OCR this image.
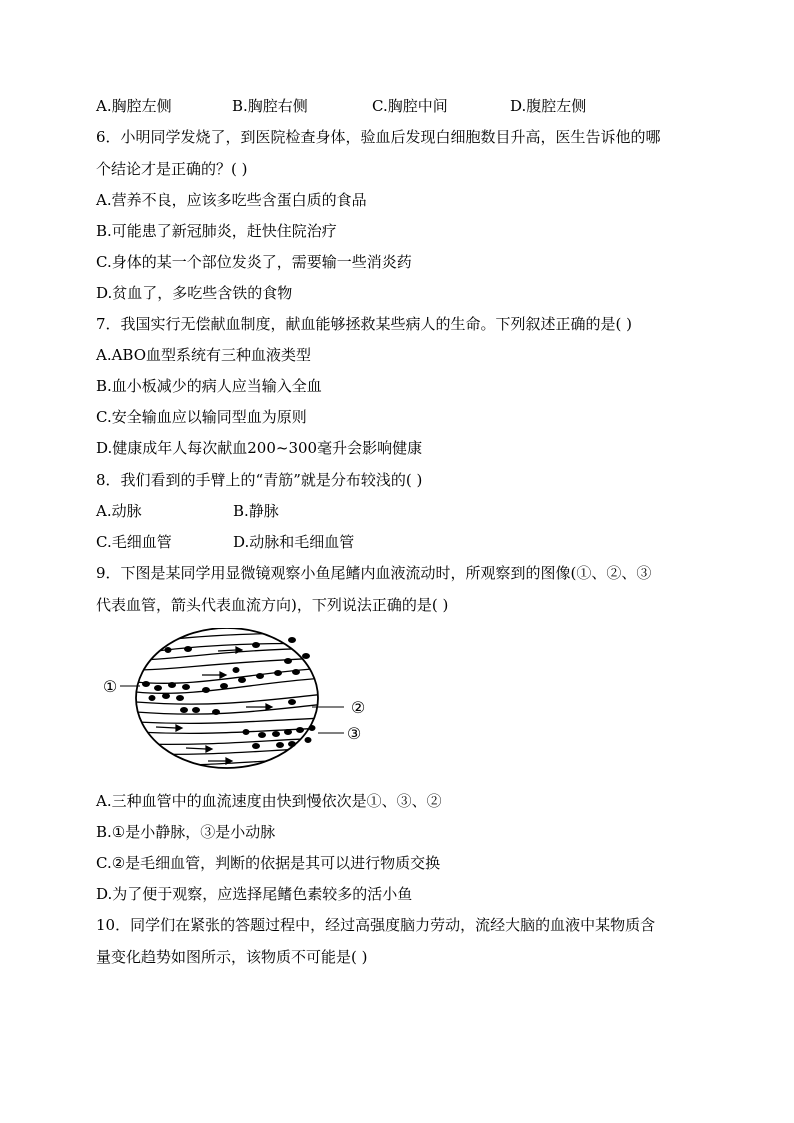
A.胸腔左侧	B.胸腔右侧	C.胸腔中间	D.腹腔左侧
6．小明同学发烧了，到医院检查身体，验血后发现白细胞数目升高，医生告诉他的哪
个结论才是正确的？( )
A.营养不良，应该多吃些含蛋白质的食品
B.可能患了新冠肺炎，赶快住院治疗
C.身体的某一个部位发炎了，需要输一些消炎药
D.贫血了，多吃些含铁的食物
7．我国实行无偿献血制度，献血能够拯救某些病人的生命。下列叙述正确的是( )
A.ABO血型系统有三种血液类型
B.血小板减少的病人应当输入全血
C.安全输血应以输同型血为原则
D.健康成年人每次献血200~300毫升会影响健康
8．我们看到的手臂上的“青筋”就是分布较浅的( )
A.动脉	B.静脉
C.毛细血管	D.动脉和毛细血管
9．下图是某同学用显微镜观察小鱼尾鳍内血液流动时，所观察到的图像(①、②、③
代表血管，箭头代表血流方向)，下列说法正确的是( )
①
②
③
A.三种血管中的血流速度由快到慢依次是①、③、②
B.①是小静脉，③是小动脉
C.②是毛细血管，判断的依据是其可以进行物质交换
D.为了便于观察，应选择尾鳍色素较多的活小鱼
10．同学们在紧张的答题过程中，经过高强度脑力劳动，流经大脑的血液中某物质含
量变化趋势如图所示，该物质不可能是( )
